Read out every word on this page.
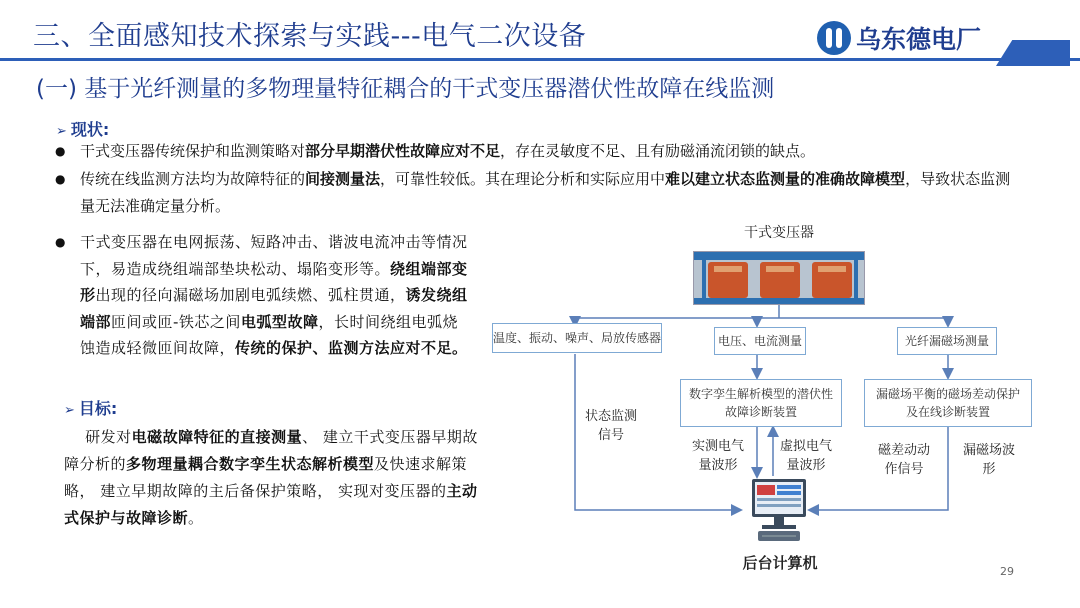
三、全面感知技术探索与实践---电气二次设备	乌东德电厂
(一) 基于光纤测量的多物理量特征耦合的干式变压器潜伏性故障在线监测
➢ 现状:
● 干式变压器传统保护和监测策略对部分早期潜伏性故障应对不足，存在灵敏度不足、且有励磁涌流闭锁的缺点。
● 传统在线监测方法均为故障特征的间接测量法，可靠性较低。其在理论分析和实际应用中难以建立状态监测量的准确故障模型，导致状态监测量无法准确定量分析。
● 干式变压器在电网振荡、短路冲击、谐波电流冲击等情况下，易造成绕组端部垫块松动、塌陷变形等。绕组端部变形出现的径向漏磁场加剧电弧续燃、弧柱贯通，诱发绕组端部匝间或匝-铁芯之间电弧型故障，长时间绕组电弧烧蚀造成轻微匝间故障，传统的保护、监测方法应对不足。
➢ 目标:
研发对电磁故障特征的直接测量、 建立干式变压器早期故障分析的多物理量耦合数字孪生状态解析模型及快速求解策略， 建立早期故障的主后备保护策略， 实现对变压器的主动式保护与故障诊断。
干式变压器
温度、振动、噪声、局放传感器	电压、电流测量	光纤漏磁场测量
数字孪生解析模型的潜伏性故障诊断装置
漏磁场平衡的磁场差动保护及在线诊断装置
状态监测信号
实测电气量波形
虚拟电气量波形
磁差动动作信号
漏磁场波形
后台计算机	29
